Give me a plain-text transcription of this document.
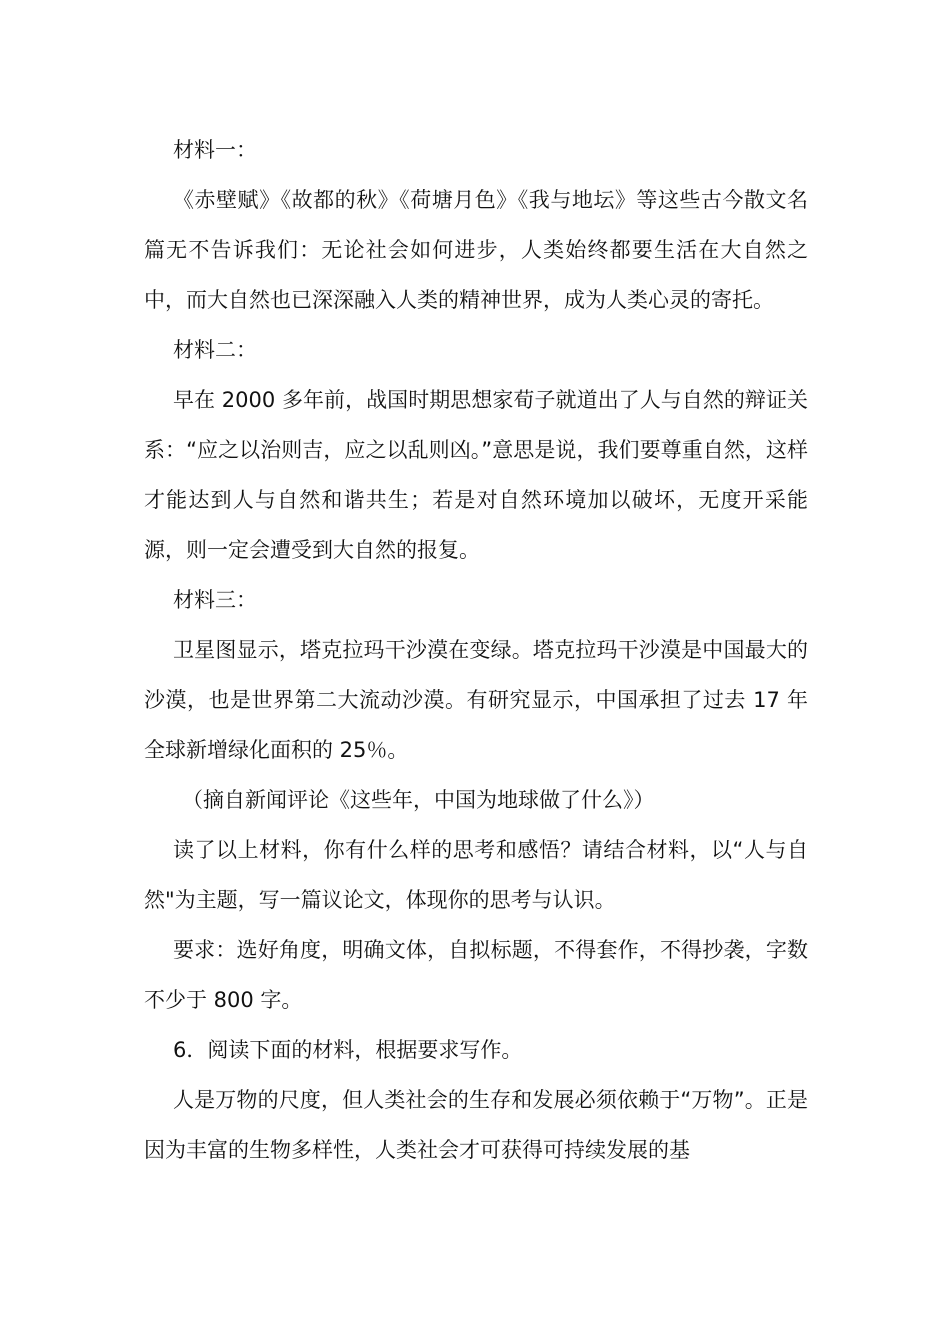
材料一：

《赤壁赋》《故都的秋》《荷塘月色》《我与地坛》等这些古今散文名篇无不告诉我们：无论社会如何进步，人类始终都要生活在大自然之中，而大自然也已深深融入人类的精神世界，成为人类心灵的寄托。

材料二：

早在 2000 多年前，战国时期思想家荀子就道出了人与自然的辩证关系：“应之以治则吉，应之以乱则凶。”意思是说，我们要尊重自然，这样才能达到人与自然和谐共生；若是对自然环境加以破坏，无度开采能源，则一定会遭受到大自然的报复。

材料三：

卫星图显示，塔克拉玛干沙漠在变绿。塔克拉玛干沙漠是中国最大的沙漠，也是世界第二大流动沙漠。有研究显示，中国承担了过去 17 年全球新增绿化面积的 25％。

（摘自新闻评论《这些年，中国为地球做了什么》）

读了以上材料，你有什么样的思考和感悟？请结合材料，以“人与自然"为主题，写一篇议论文，体现你的思考与认识。

要求：选好角度，明确文体，自拟标题，不得套作，不得抄袭，字数不少于 800 字。

6．阅读下面的材料，根据要求写作。

人是万物的尺度，但人类社会的生存和发展必须依赖于“万物”。正是因为丰富的生物多样性，人类社会才可获得可持续发展的基
